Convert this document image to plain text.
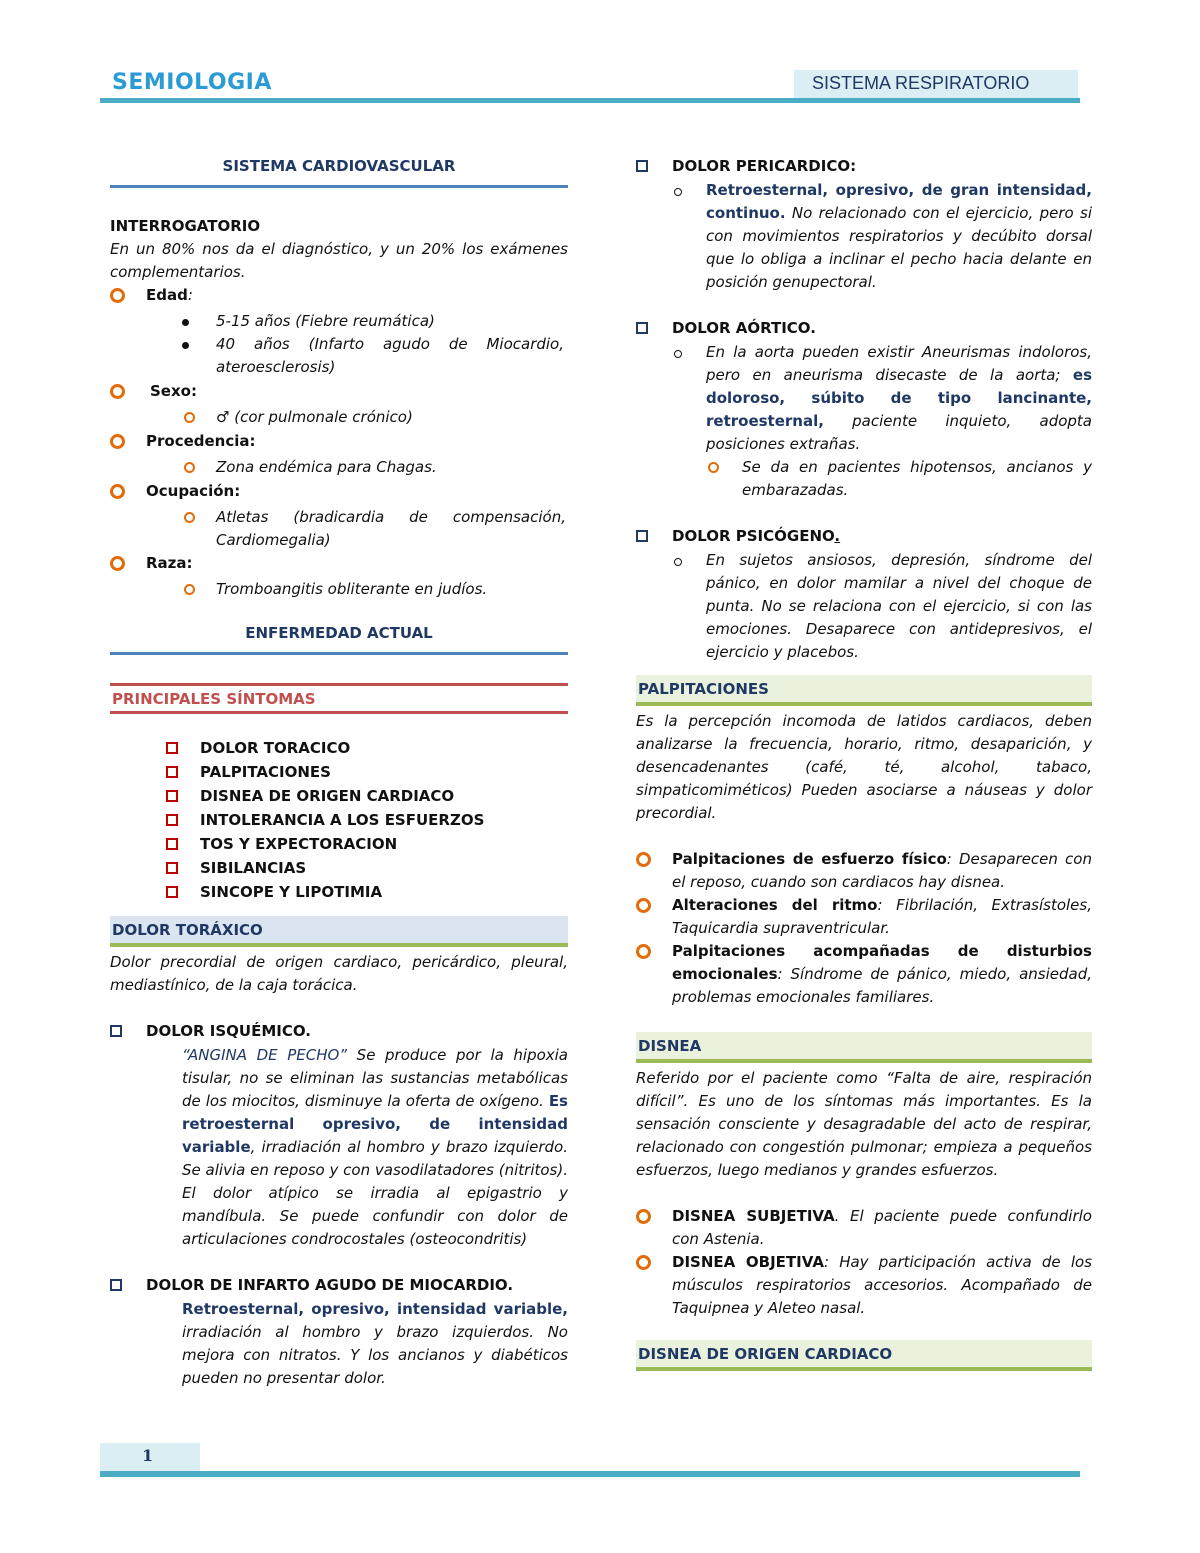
SEMIOLOGIA	SISTEMA RESPIRATORIO
SISTEMA CARDIOVASCULAR
INTERROGATORIO
En un 80% nos da el diagnóstico, y un 20% los exámenes complementarios.
Edad:
5-15 años (Fiebre reumática)
40 años (Infarto agudo de Miocardio, ateroesclerosis)
Sexo:
♂ (cor pulmonale crónico)
Procedencia:
Zona endémica para Chagas.
Ocupación:
Atletas (bradicardia de compensación, Cardiomegalia)
Raza:
Tromboangitis obliterante en judíos.
ENFERMEDAD ACTUAL
PRINCIPALES SÍNTOMAS
DOLOR TORACICO
PALPITACIONES
DISNEA DE ORIGEN CARDIACO
INTOLERANCIA A LOS ESFUERZOS
TOS Y EXPECTORACION
SIBILANCIAS
SINCOPE Y LIPOTIMIA
DOLOR TORÁXICO
Dolor precordial de origen cardiaco, pericárdico, pleural, mediastínico, de la caja torácica.
DOLOR ISQUÉMICO.
“ANGINA DE PECHO” Se produce por la hipoxia tisular, no se eliminan las sustancias metabólicas de los miocitos, disminuye la oferta de oxígeno. Es retroesternal opresivo, de intensidad variable, irradiación al hombro y brazo izquierdo. Se alivia en reposo y con vasodilatadores (nitritos). El dolor atípico se irradia al epigastrio y mandíbula. Se puede confundir con dolor de articulaciones condrocostales (osteocondritis)
DOLOR DE INFARTO AGUDO DE MIOCARDIO.
Retroesternal, opresivo, intensidad variable, irradiación al hombro y brazo izquierdos. No mejora con nitratos. Y los ancianos y diabéticos pueden no presentar dolor.
DOLOR PERICARDICO:
Retroesternal, opresivo, de gran intensidad, continuo. No relacionado con el ejercicio, pero si con movimientos respiratorios y decúbito dorsal que lo obliga a inclinar el pecho hacia delante en posición genupectoral.
DOLOR AÓRTICO.
En la aorta pueden existir Aneurismas indoloros, pero en aneurisma disecaste de la aorta; es doloroso, súbito de tipo lancinante, retroesternal, paciente inquieto, adopta posiciones extrañas.
Se da en pacientes hipotensos, ancianos y embarazadas.
DOLOR PSICÓGENO.
En sujetos ansiosos, depresión, síndrome del pánico, en dolor mamilar a nivel del choque de punta. No se relaciona con el ejercicio, si con las emociones. Desaparece con antidepresivos, el ejercicio y placebos.
PALPITACIONES
Es la percepción incomoda de latidos cardiacos, deben analizarse la frecuencia, horario, ritmo, desaparición, y desencadenantes (café, té, alcohol, tabaco, simpaticomiméticos) Pueden asociarse a náuseas y dolor precordial.
Palpitaciones de esfuerzo físico: Desaparecen con el reposo, cuando son cardiacos hay disnea.
Alteraciones del ritmo: Fibrilación, Extrasístoles, Taquicardia supraventricular.
Palpitaciones acompañadas de disturbios emocionales: Síndrome de pánico, miedo, ansiedad, problemas emocionales familiares.
DISNEA
Referido por el paciente como “Falta de aire, respiración difícil”. Es uno de los síntomas más importantes. Es la sensación consciente y desagradable del acto de respirar, relacionado con congestión pulmonar; empieza a pequeños esfuerzos, luego medianos y grandes esfuerzos.
DISNEA SUBJETIVA. El paciente puede confundirlo con Astenia.
DISNEA OBJETIVA: Hay participación activa de los músculos respiratorios accesorios. Acompañado de Taquipnea y Aleteo nasal.
DISNEA DE ORIGEN CARDIACO
1
